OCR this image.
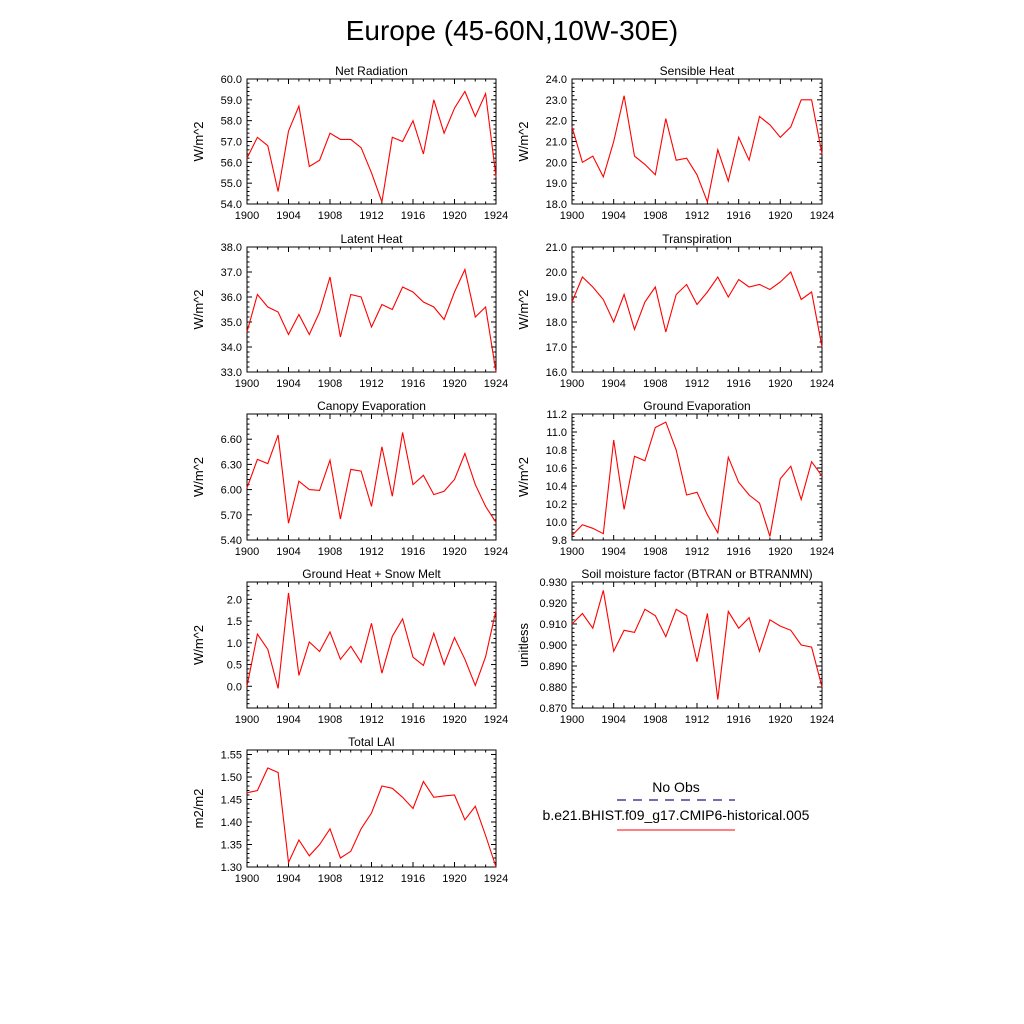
Europe (45-60N,10W-30E)
Net Radiation
W/m^2
1900 1904 1908 1912 1916 1920 1924
54.0
55.0
56.0
57.0
58.0
59.0
60.0
Sensible Heat
W/m^2
1900 1904 1908 1912 1916 1920 1924
18.0
19.0
20.0
21.0
22.0
23.0
24.0
Latent Heat
W/m^2
1900 1904 1908 1912 1916 1920 1924
33.0
34.0
35.0
36.0
37.0
38.0
Transpiration
W/m^2
1900 1904 1908 1912 1916 1920 1924
16.0
17.0
18.0
19.0
20.0
21.0
Canopy Evaporation
W/m^2
1900 1904 1908 1912 1916 1920 1924
5.40
5.70
6.00
6.30
6.60
Ground Evaporation
W/m^2
1900 1904 1908 1912 1916 1920 1924
9.8
10.0
10.2
10.4
10.6
10.8
11.0
11.2
Ground Heat + Snow Melt
W/m^2
1900 1904 1908 1912 1916 1920 1924
0.0
0.5
1.0
1.5
2.0
Soil moisture factor (BTRAN or BTRANMN)
unitless
1900 1904 1908 1912 1916 1920 1924
0.870
0.880
0.890
0.900
0.910
0.920
0.930
Total LAI
m2/m2
1900 1904 1908 1912 1916 1920 1924
1.30
1.35
1.40
1.45
1.50
1.55
No Obs
b.e21.BHIST.f09_g17.CMIP6-historical.005
